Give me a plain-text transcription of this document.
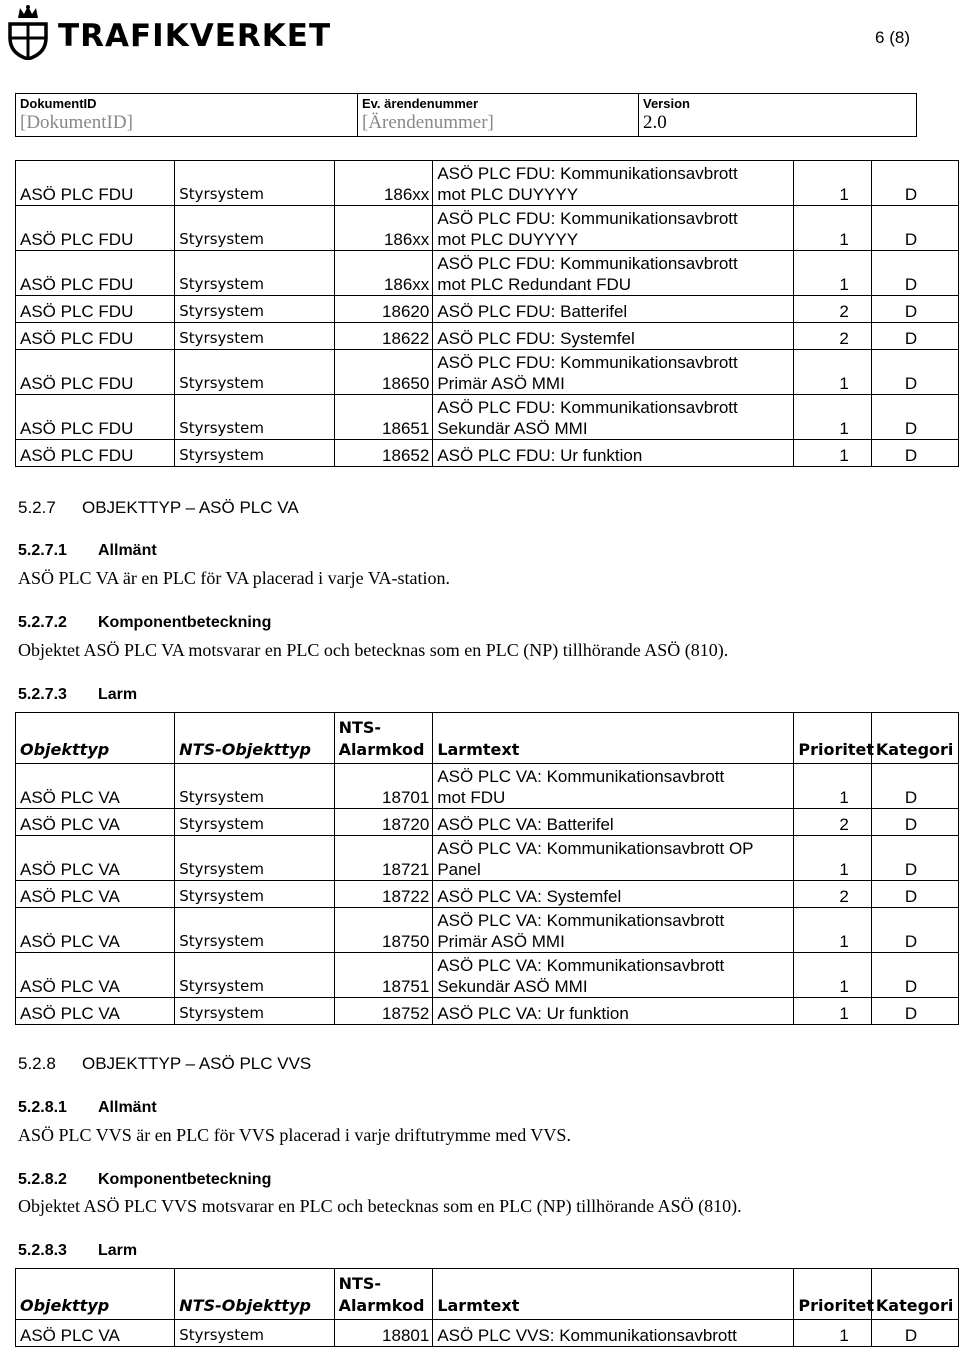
TRAFIKVERKET	6 (8)
DokumentID
[DokumentID]

Ev. ärendenummer
[Ärendenummer]

Version
2.0
ASÖ PLC FDU	Styrsystem	186xx	ASÖ PLC FDU: Kommunikationsavbrott
mot PLC DUYYYY	1	D
ASÖ PLC FDU	Styrsystem	186xx	ASÖ PLC FDU: Kommunikationsavbrott
mot PLC DUYYYY	1	D
ASÖ PLC FDU	Styrsystem	186xx	ASÖ PLC FDU: Kommunikationsavbrott
mot PLC Redundant FDU	1	D
ASÖ PLC FDU	Styrsystem	18620	ASÖ PLC FDU: Batterifel	2	D
ASÖ PLC FDU	Styrsystem	18622	ASÖ PLC FDU: Systemfel	2	D
ASÖ PLC FDU	Styrsystem	18650	ASÖ PLC FDU: Kommunikationsavbrott
Primär ASÖ MMI	1	D
ASÖ PLC FDU	Styrsystem	18651	ASÖ PLC FDU: Kommunikationsavbrott
Sekundär ASÖ MMI	1	D
ASÖ PLC FDU	Styrsystem	18652	ASÖ PLC FDU: Ur funktion	1	D
5.2.7 OBJEKTTYP – ASÖ PLC VA
5.2.7.1 Allmänt
ASÖ PLC VA är en PLC för VA placerad i varje VA-station.
5.2.7.2 Komponentbeteckning
Objektet ASÖ PLC VA motsvarar en PLC och betecknas som en PLC (NP) tillhörande ASÖ (810).
5.2.7.3 Larm
Objekttyp	NTS-Objekttyp	NTS-
Alarmkod	Larmtext	Prioritet	Kategori
ASÖ PLC VA	Styrsystem	18701	ASÖ PLC VA: Kommunikationsavbrott
mot FDU	1	D
ASÖ PLC VA	Styrsystem	18720	ASÖ PLC VA: Batterifel	2	D
ASÖ PLC VA	Styrsystem	18721	ASÖ PLC VA: Kommunikationsavbrott OP
Panel	1	D
ASÖ PLC VA	Styrsystem	18722	ASÖ PLC VA: Systemfel	2	D
ASÖ PLC VA	Styrsystem	18750	ASÖ PLC VA: Kommunikationsavbrott
Primär ASÖ MMI	1	D
ASÖ PLC VA	Styrsystem	18751	ASÖ PLC VA: Kommunikationsavbrott
Sekundär ASÖ MMI	1	D
ASÖ PLC VA	Styrsystem	18752	ASÖ PLC VA: Ur funktion	1	D
5.2.8 OBJEKTTYP – ASÖ PLC VVS
5.2.8.1 Allmänt
ASÖ PLC VVS är en PLC för VVS placerad i varje driftutrymme med VVS.
5.2.8.2 Komponentbeteckning
Objektet ASÖ PLC VVS motsvarar en PLC och betecknas som en PLC (NP) tillhörande ASÖ (810).
5.2.8.3 Larm
Objekttyp	NTS-Objekttyp	NTS-
Alarmkod	Larmtext	Prioritet	Kategori
ASÖ PLC VA	Styrsystem	18801	ASÖ PLC VVS: Kommunikationsavbrott	1	D
